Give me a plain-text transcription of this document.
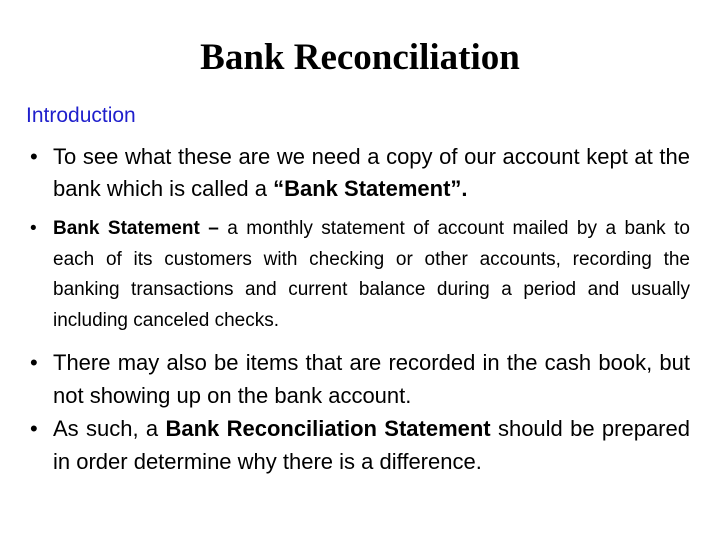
Bank Reconciliation
Introduction
• To see what these are we need a copy of our account kept at the bank which is called a “Bank Statement”.
• Bank Statement – a monthly statement of account mailed by a bank to each of its customers with checking or other accounts, recording the banking transactions and current balance during a period and usually including canceled checks.
• There may also be items that are recorded in the cash book, but not showing up on the bank account.
• As such, a Bank Reconciliation Statement should be prepared in order determine why there is a difference.
